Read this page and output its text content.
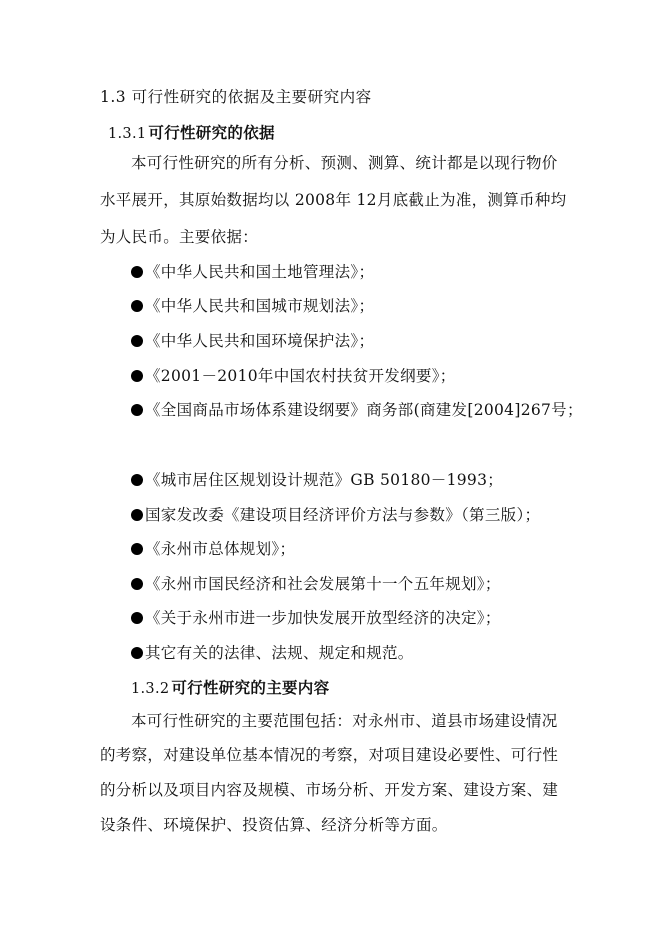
1.3 可行性研究的依据及主要研究内容
1.3.1 可行性研究的依据
本可行性研究的所有分析、预测、测算、统计都是以现行物价
水平展开，其原始数据均以 2008年 12月底截止为准，测算币种均
为人民币。主要依据：
《中华人民共和国土地管理法》；
《中华人民共和国城市规划法》；
《中华人民共和国环境保护法》；
《2001－2010年中国农村扶贫开发纲要》；
《全国商品市场体系建设纲要》商务部(商建发[2004]267号；
《城市居住区规划设计规范》GB 50180－1993；
国家发改委《建设项目经济评价方法与参数》（第三版）；
《永州市总体规划》；
《永州市国民经济和社会发展第十一个五年规划》；
《关于永州市进一步加快发展开放型经济的决定》；
其它有关的法律、法规、规定和规范。
1.3.2 可行性研究的主要内容
本可行性研究的主要范围包括：对永州市、道县市场建设情况
的考察，对建设单位基本情况的考察，对项目建设必要性、可行性
的分析以及项目内容及规模、市场分析、开发方案、建设方案、建
设条件、环境保护、投资估算、经济分析等方面。
